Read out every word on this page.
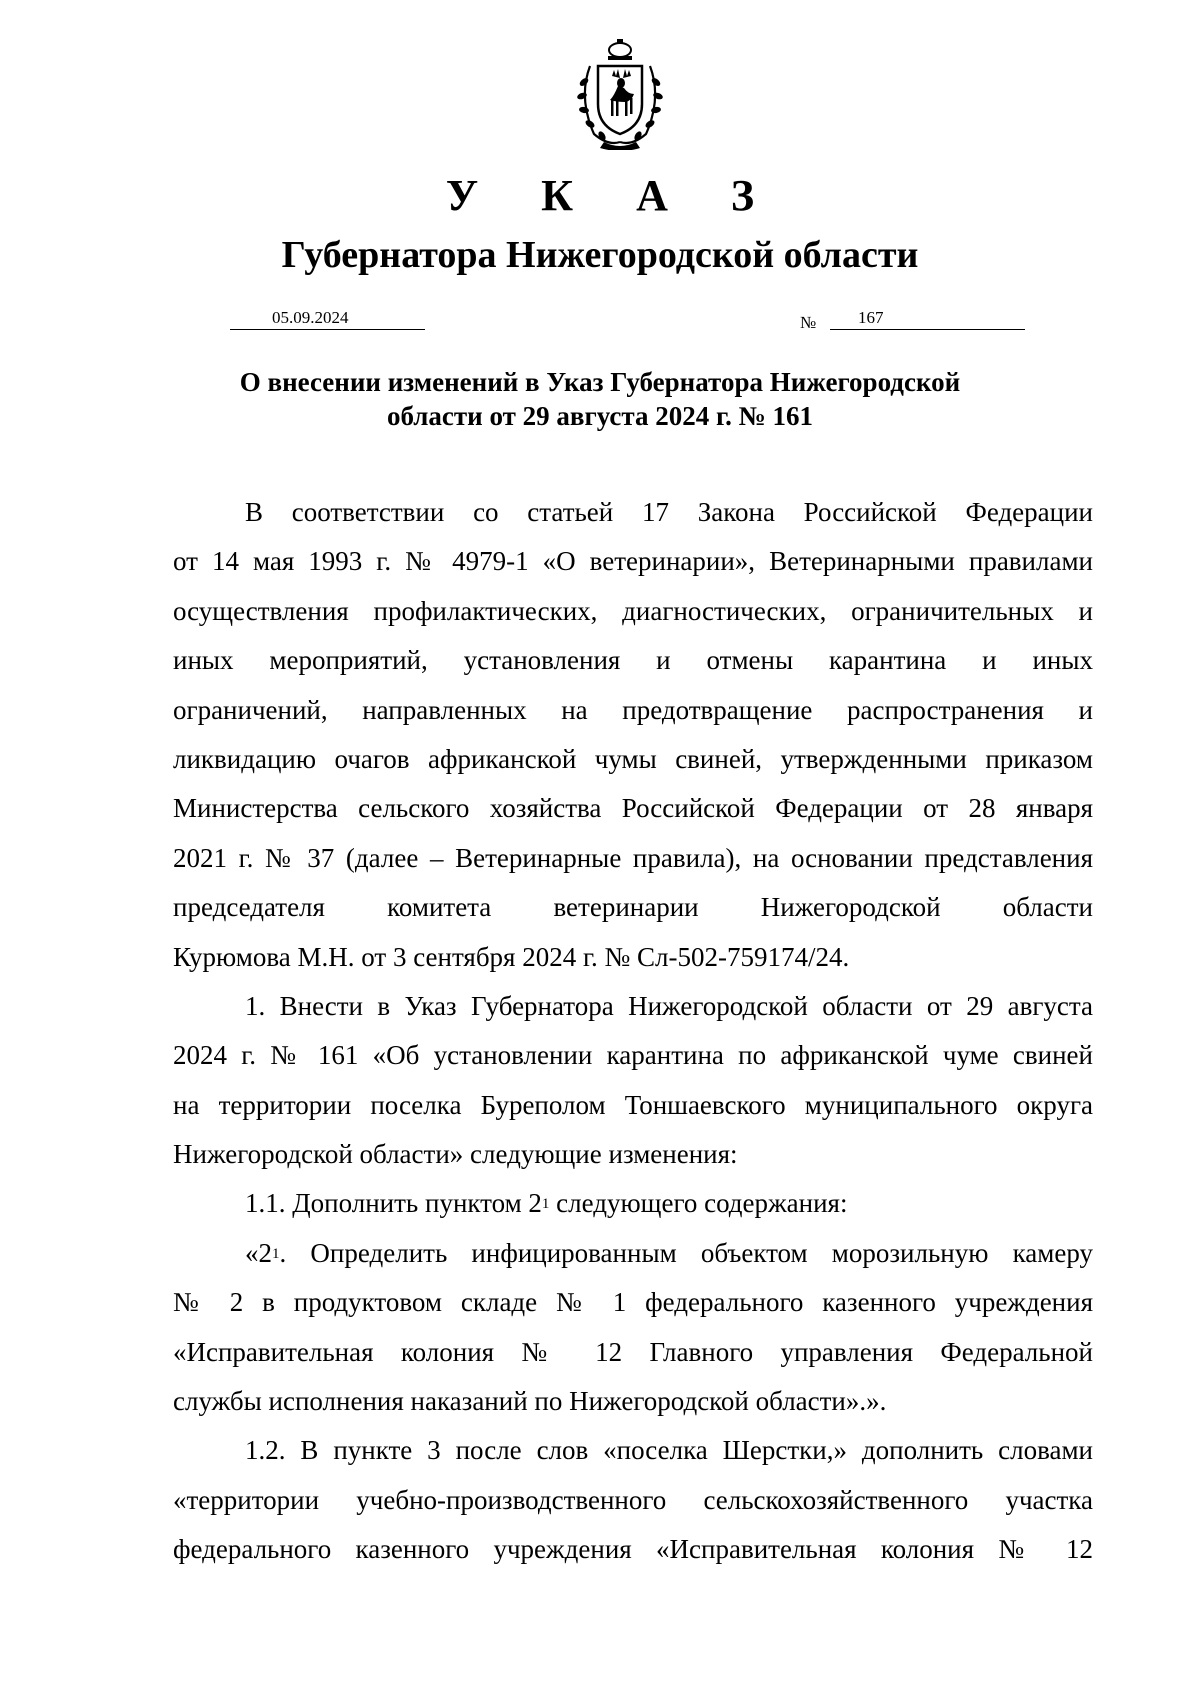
У К А З
Губернатора Нижегородской области
05.09.2024	№	167
О внесении изменений в Указ Губернатора Нижегородской
области от 29 августа 2024 г. № 161
В соответствии со статьей 17 Закона Российской Федерации
от 14 мая 1993 г. № 4979-1 «О ветеринарии», Ветеринарными правилами
осуществления профилактических, диагностических, ограничительных и
иных мероприятий, установления и отмены карантина и иных
ограничений, направленных на предотвращение распространения и
ликвидацию очагов африканской чумы свиней, утвержденными приказом
Министерства сельского хозяйства Российской Федерации от 28 января
2021 г. № 37 (далее – Ветеринарные правила), на основании представления
председателя комитета ветеринарии Нижегородской области
Курюмова М.Н. от 3 сентября 2024 г. № Сл-502-759174/24.
1. Внести в Указ Губернатора Нижегородской области от 29 августа
2024 г. № 161 «Об установлении карантина по африканской чуме свиней
на территории поселка Буреполом Тоншаевского муниципального округа
Нижегородской области» следующие изменения:
1.1. Дополнить пунктом $2^1$ следующего содержания:
«$2^1$. Определить инфицированным объектом морозильную камеру
№ 2 в продуктовом складе № 1 федерального казенного учреждения
«Исправительная колония № 12 Главного управления Федеральной
службы исполнения наказаний по Нижегородской области».».
1.2. В пункте 3 после слов «поселка Шерстки,» дополнить словами
«территории учебно-производственного сельскохозяйственного участка
федерального казенного учреждения «Исправительная колония № 12
